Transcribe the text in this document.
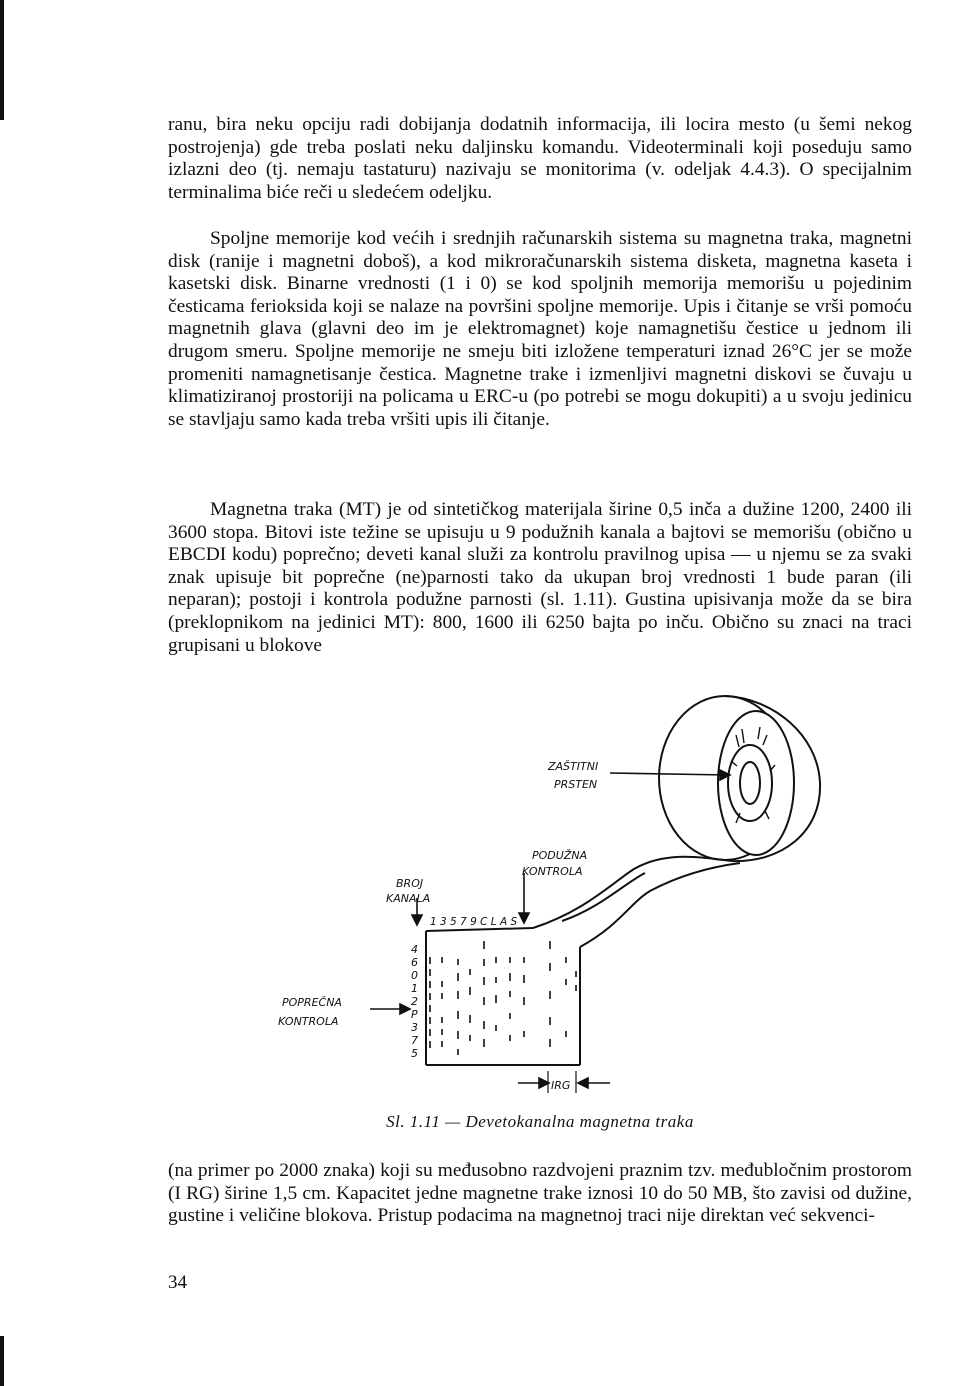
ranu, bira neku opciju radi dobijanja dodatnih informacija, ili locira mesto (u šemi nekog postrojenja) gde treba poslati neku daljinsku komandu. Videoterminali koji poseduju samo izlazni deo (tj. nemaju tastaturu) nazivaju se monitorima (v. odeljak 4.4.3). O specijalnim terminalima biće reči u sledećem odeljku.

Spoljne memorije kod većih i srednjih računarskih sistema su magnetna traka, magnetni disk (ranije i magnetni doboš), a kod mikroračunarskih sistema disketa, magnetna kaseta i kasetski disk. Binarne vrednosti (1 i 0) se kod spoljnih memorija memorišu u pojedinim česticama ferioksida koji se nalaze na površini spoljne memorije. Upis i čitanje se vrši pomoću magnetnih glava (glavni deo im je elektromagnet) koje namagnetišu čestice u jednom ili drugom smeru. Spoljne memorije ne smeju biti izložene temperaturi iznad 26°C jer se može promeniti namagnetisanje čestica. Magnetne trake i izmenljivi magnetni diskovi se čuvaju u klimatiziranoj prostoriji na policama u ERC-u (po potrebi se mogu dokupiti) a u svoju jedinicu se stavljaju samo kada treba vršiti upis ili čitanje.

Magnetna traka (MT) je od sintetičkog materijala širine 0,5 inča a dužine 1200, 2400 ili 3600 stopa. Bitovi iste težine se upisuju u 9 podužnih kanala a bajtovi se memorišu (obično u EBCDI kodu) poprečno; deveti kanal služi za kontrolu pravilnog upisa — u njemu se za svaki znak upisuje bit poprečne (ne)parnosti tako da ukupan broj vrednosti 1 bude paran (ili neparan); postoji i kontrola podužne parnosti (sl. 1.11). Gustina upisivanja može da se bira (preklopnikom na jedinici MT): 800, 1600 ili 6250 bajta po inču. Obično su znaci na traci grupisani u blokove

ZAŠTITNI
PRSTEN
PODUŽNA
KONTROLA
BROJ
KANALA
POPREČNA
KONTROLA
IRG
1 3 5 7 9 C L A S
4
6
0
1
2
P
3
7
5
Sl. 1.11 — Devetokanalna magnetna traka

(na primer po 2000 znaka) koji su međusobno razdvojeni praznim tzv. međubločnim prostorom (I RG) širine 1,5 cm. Kapacitet jedne magnetne trake iznosi 10 do 50 MB, što zavisi od dužine, gustine i veličine blokova. Pristup podacima na magnetnoj traci nije direktan već sekvenci-

34
